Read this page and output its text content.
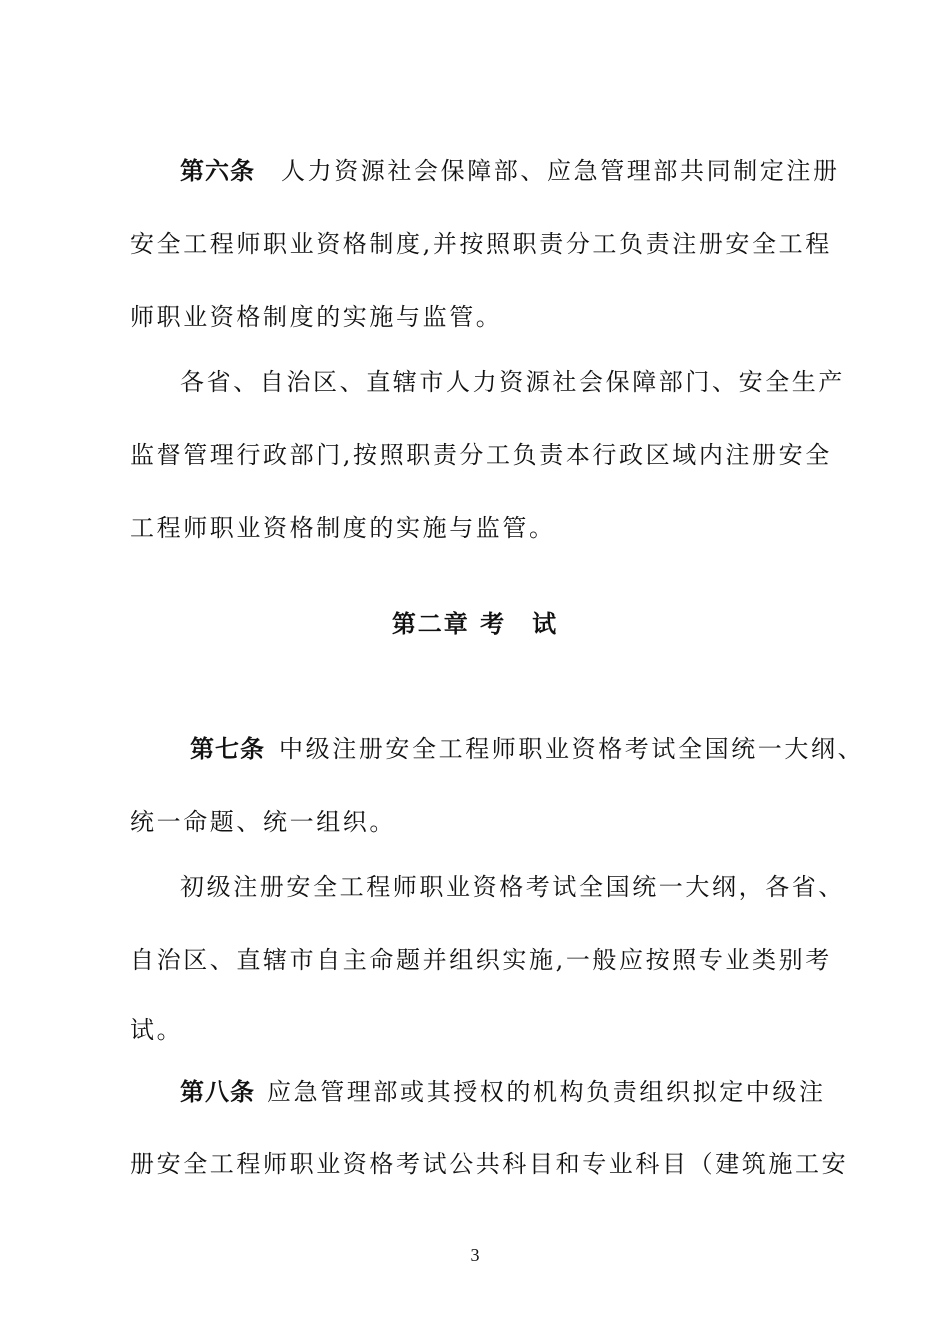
第六条 人力资源社会保障部、应急管理部共同制定注册
安全工程师职业资格制度,并按照职责分工负责注册安全工程
师职业资格制度的实施与监管。
各省、自治区、直辖市人力资源社会保障部门、安全生产
监督管理行政部门,按照职责分工负责本行政区域内注册安全
工程师职业资格制度的实施与监管。
第二章 考　试
第七条 中级注册安全工程师职业资格考试全国统一大纲、
统一命题、统一组织。
初级注册安全工程师职业资格考试全国统一大纲，各省、
自治区、直辖市自主命题并组织实施,一般应按照专业类别考
试。
第八条 应急管理部或其授权的机构负责组织拟定中级注
册安全工程师职业资格考试公共科目和专业科目（建筑施工安
3
